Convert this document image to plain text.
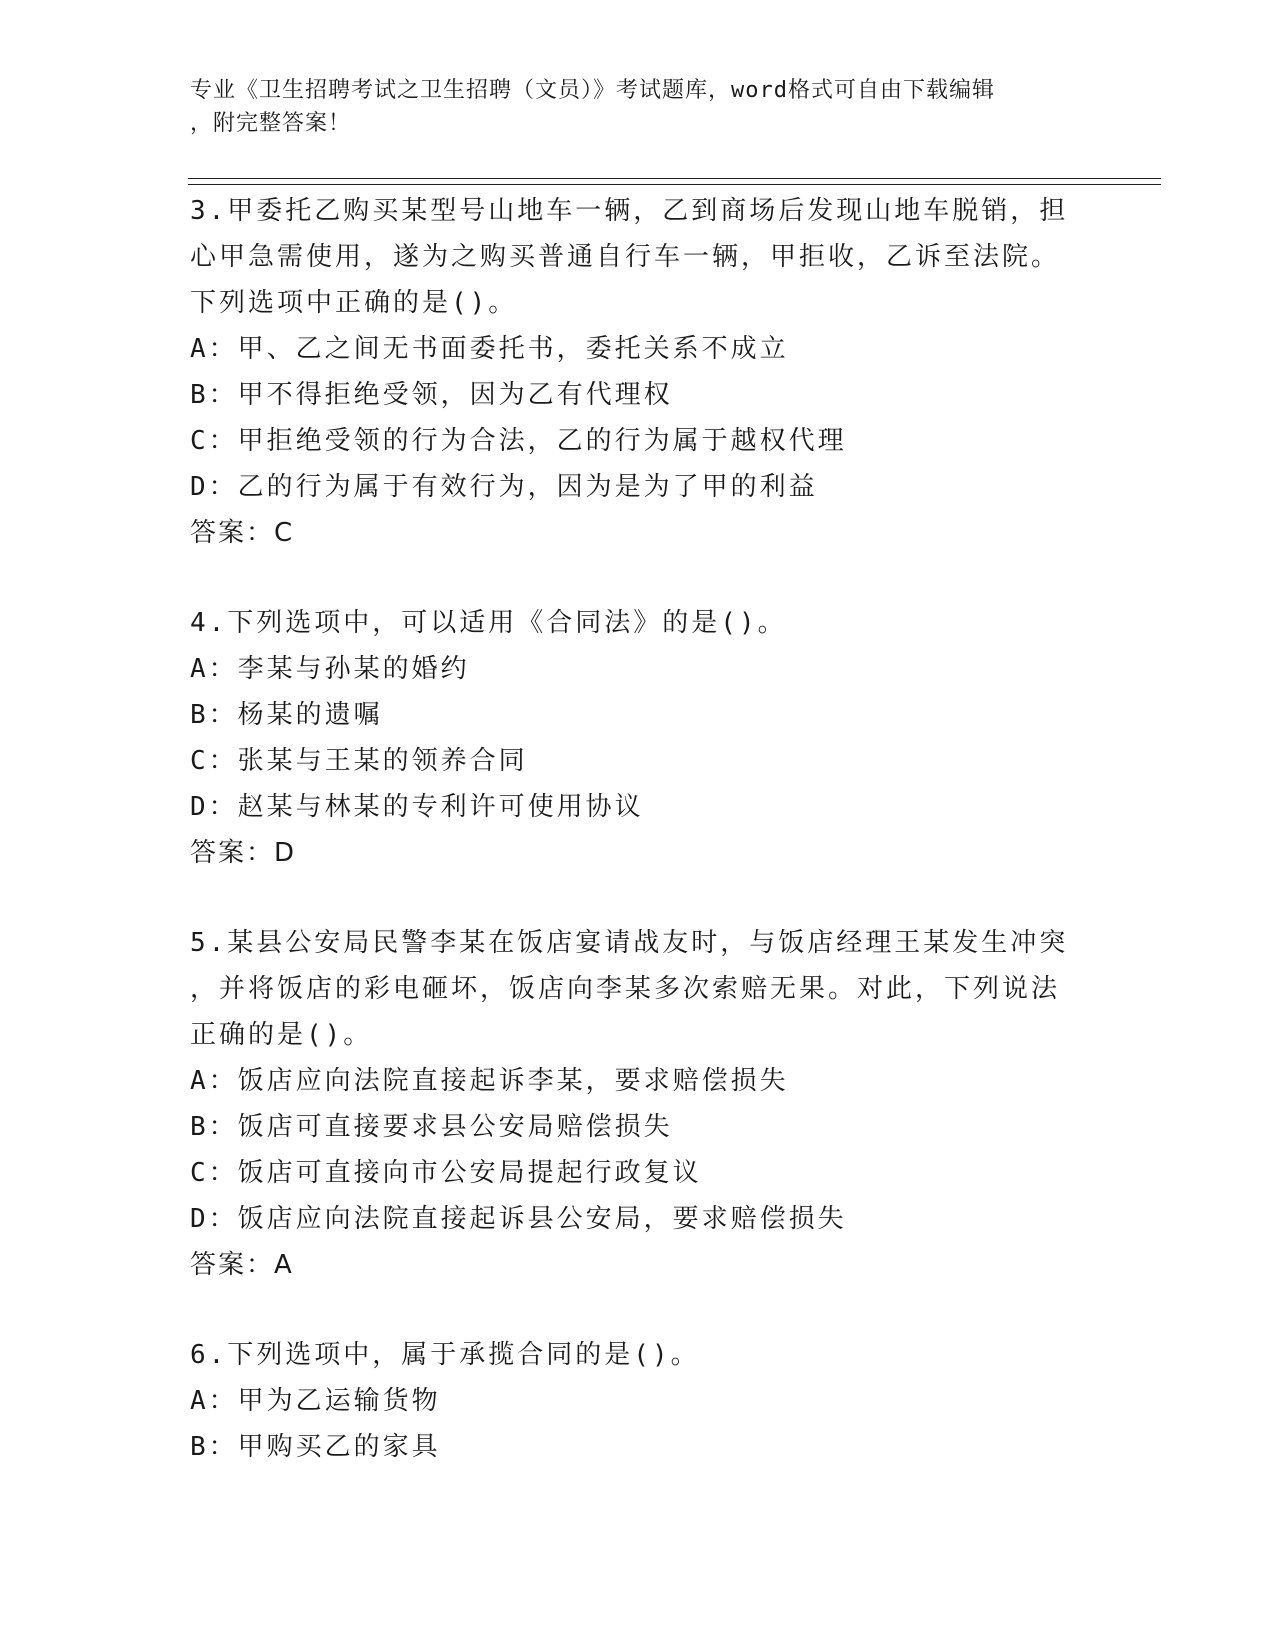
专业《卫生招聘考试之卫生招聘（文员）》考试题库，word格式可自由下载编辑
，附完整答案！
3.甲委托乙购买某型号山地车一辆，乙到商场后发现山地车脱销，担
心甲急需使用，遂为之购买普通自行车一辆，甲拒收，乙诉至法院。
下列选项中正确的是()。
A：甲、乙之间无书面委托书，委托关系不成立
B：甲不得拒绝受领，因为乙有代理权
C：甲拒绝受领的行为合法，乙的行为属于越权代理
D：乙的行为属于有效行为，因为是为了甲的利益
答案：C
4.下列选项中，可以适用《合同法》的是()。
A：李某与孙某的婚约
B：杨某的遗嘱
C：张某与王某的领养合同
D：赵某与林某的专利许可使用协议
答案：D
5.某县公安局民警李某在饭店宴请战友时，与饭店经理王某发生冲突
，并将饭店的彩电砸坏，饭店向李某多次索赔无果。对此，下列说法
正确的是()。
A：饭店应向法院直接起诉李某，要求赔偿损失
B：饭店可直接要求县公安局赔偿损失
C：饭店可直接向市公安局提起行政复议
D：饭店应向法院直接起诉县公安局，要求赔偿损失
答案：A
6.下列选项中，属于承揽合同的是()。
A：甲为乙运输货物
B：甲购买乙的家具
